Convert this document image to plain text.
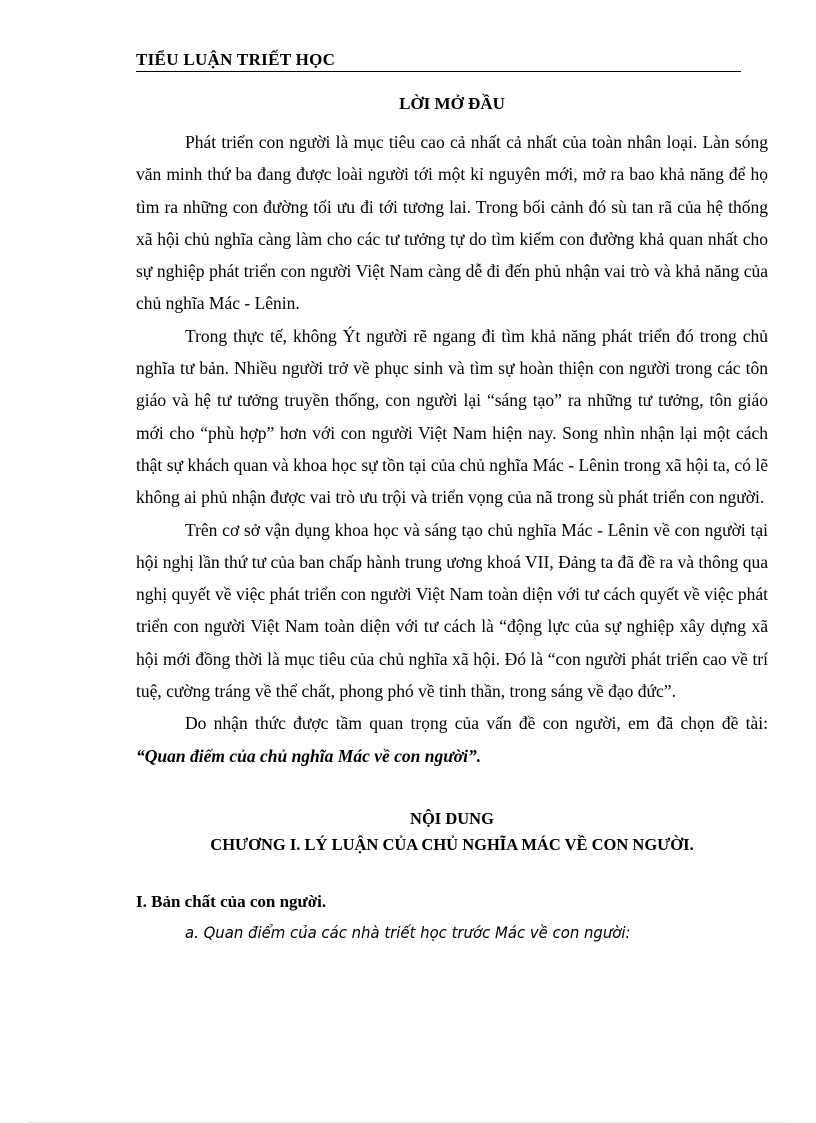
TIỂU LUẬN TRIẾT HỌC

LỜI MỞ ĐẦU

Phát triển con người là mục tiêu cao cả nhất cả nhất của toàn nhân loại. Làn sóng văn minh thứ ba đang được loài người tới một kỉ nguyên mới, mở ra bao khả năng để họ tìm ra những con đường tối ưu đi tới tương lai. Trong bối cảnh đó sù tan rã của hệ thống xã hội chủ nghĩa càng làm cho các tư tưởng tự do tìm kiếm con đường khả quan nhất cho sự nghiệp phát triển con người Việt Nam càng dễ đi đến phủ nhận vai trò và khả năng của chủ nghĩa Mác - Lênin.

Trong thực tế, không Ýt người rẽ ngang đi tìm khả năng phát triển đó trong chủ nghĩa tư bản. Nhiều người trở về phục sinh và tìm sự hoàn thiện con người trong các tôn giáo và hệ tư tưởng truyền thống, con người lại “sáng tạo” ra những tư tưởng, tôn giáo mới cho “phù hợp” hơn với con người Việt Nam hiện nay. Song nhìn nhận lại một cách thật sự khách quan và khoa học sự tồn tại của chủ nghĩa Mác - Lênin trong xã hội ta, có lẽ không ai phủ nhận được vai trò ưu trội và triển vọng của nã trong sù phát triển con người.

Trên cơ sở vận dụng khoa học và sáng tạo chủ nghĩa Mác - Lênin về con người tại hội nghị lần thứ tư của ban chấp hành trung ương khoá VII, Đảng ta đã đề ra và thông qua nghị quyết về việc phát triển con người Việt Nam toàn diện với tư cách quyết về việc phát triển con người Việt Nam toàn diện với tư cách là “động lực của sự nghiệp xây dựng xã hội mới đồng thời là mục tiêu của chủ nghĩa xã hội. Đó là “con người phát triển cao về trí tuệ, cường tráng về thể chất, phong phó về tinh thần, trong sáng về đạo đức”.

Do nhận thức được tầm quan trọng của vấn đề con người, em đã chọn đề tài: “Quan điểm của chủ nghĩa Mác về con người”.

NỘI DUNG

CHƯƠNG I. LÝ LUẬN CỦA CHỦ NGHĨA MÁC VỀ CON NGƯỜI.

I. Bản chất của con người.

a. Quan điểm của các nhà triết học trước Mác về con người:
